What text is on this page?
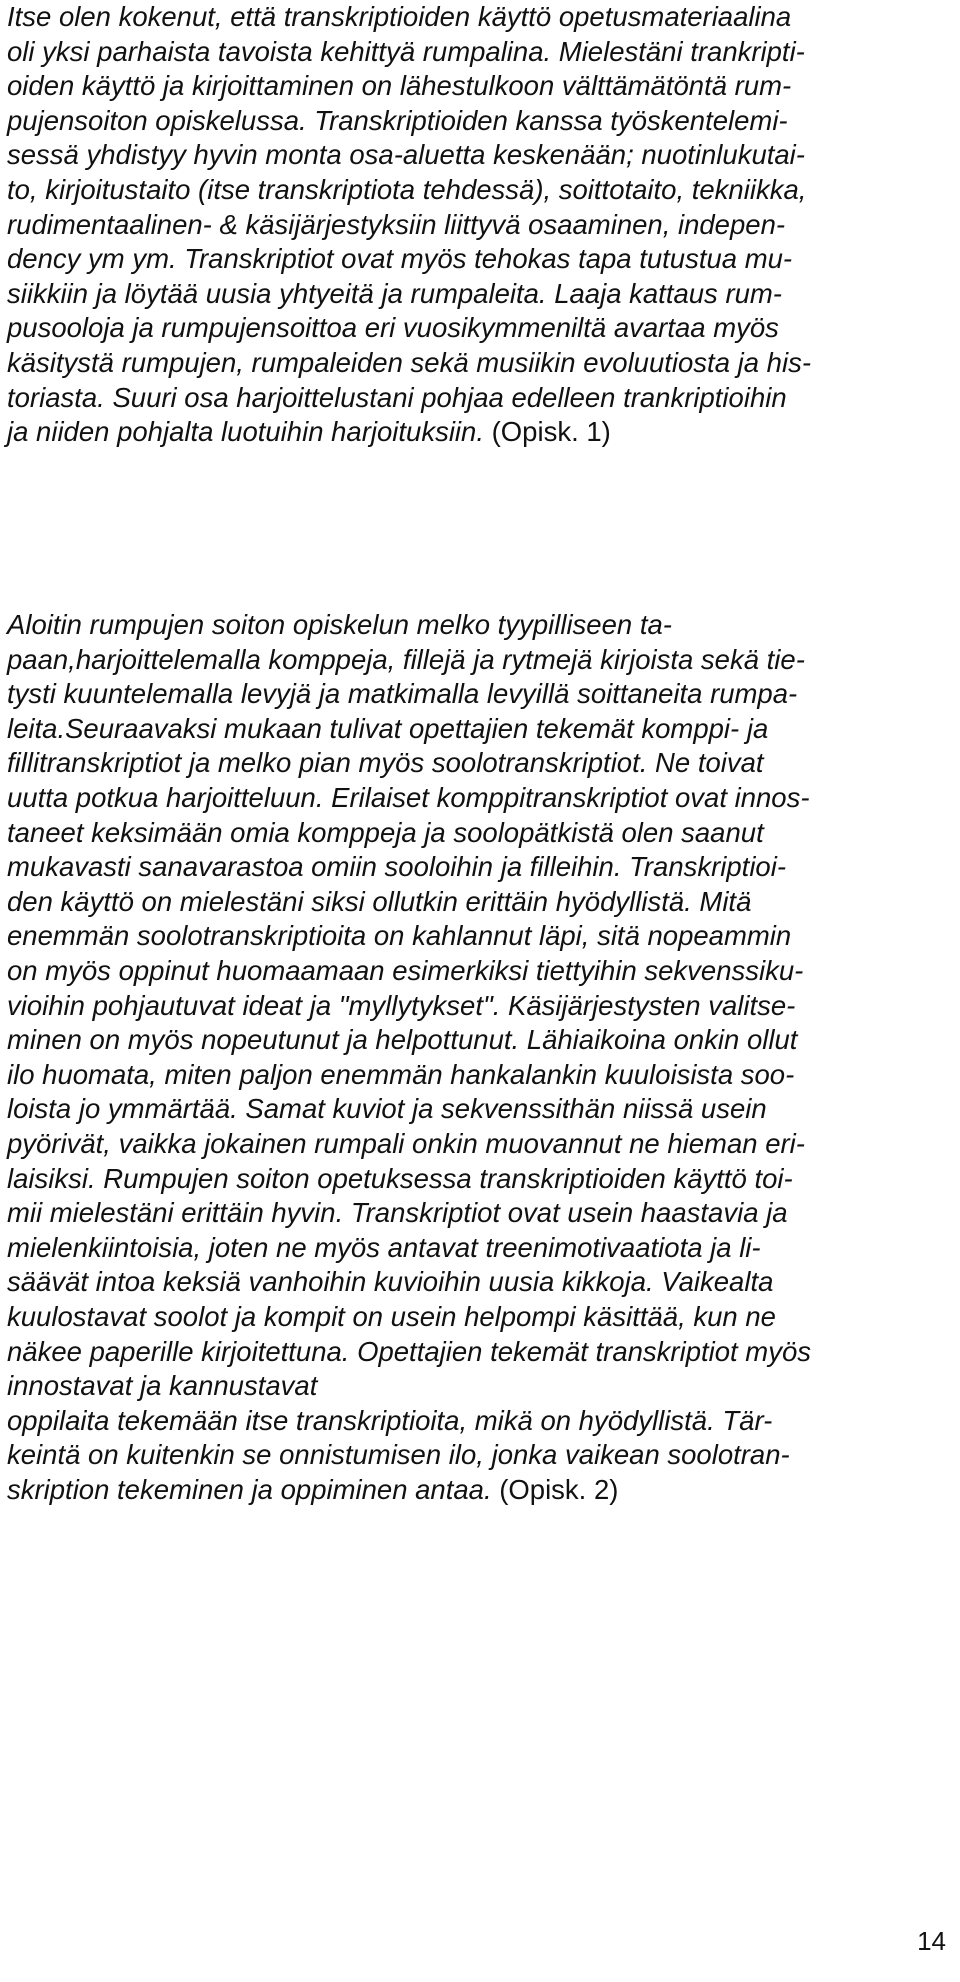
Itse olen kokenut, että transkriptioiden käyttö opetusmateriaalina
oli yksi parhaista tavoista kehittyä rumpalina. Mielestäni trankripti-
oiden käyttö ja kirjoittaminen on lähestulkoon välttämätöntä rum-
pujensoiton opiskelussa. Transkriptioiden kanssa työskentelemi-
sessä yhdistyy hyvin monta osa-aluetta keskenään; nuotinlukutai-
to, kirjoitustaito (itse transkriptiota tehdessä), soittotaito, tekniikka,
rudimentaalinen- & käsijärjestyksiin liittyvä osaaminen, indepen-
dency ym ym. Transkriptiot ovat myös tehokas tapa tutustua mu-
siikkiin ja löytää uusia yhtyeitä ja rumpaleita. Laaja kattaus rum-
pusooloja ja rumpujensoittoa eri vuosikymmeniltä avartaa myös
käsitystä rumpujen, rumpaleiden sekä musiikin evoluutiosta ja his-
toriasta. Suuri osa harjoittelustani pohjaa edelleen trankriptioihin
ja niiden pohjalta luotuihin harjoituksiin. (Opisk. 1)
Aloitin rumpujen soiton opiskelun melko tyypilliseen ta-
paan,harjoittelemalla komppeja, fillejä ja rytmejä kirjoista sekä tie-
tysti kuuntelemalla levyjä ja matkimalla levyillä soittaneita rumpa-
leita.Seuraavaksi mukaan tulivat opettajien tekemät komppi- ja
fillitranskriptiot ja melko pian myös soolotranskriptiot. Ne toivat
uutta potkua harjoitteluun. Erilaiset komppitranskriptiot ovat innos-
taneet keksimään omia komppeja ja soolopätkistä olen saanut
mukavasti sanavarastoa omiin sooloihin ja filleihin. Transkriptioi-
den käyttö on mielestäni siksi ollutkin erittäin hyödyllistä. Mitä
enemmän soolotranskriptioita on kahlannut läpi, sitä nopeammin
on myös oppinut huomaamaan esimerkiksi tiettyihin sekvenssiku-
vioihin pohjautuvat ideat ja "myllytykset". Käsijärjestysten valitse-
minen on myös nopeutunut ja helpottunut. Lähiaikoina onkin ollut
ilo huomata, miten paljon enemmän hankalankin kuuloisista soo-
loista jo ymmärtää. Samat kuviot ja sekvenssithän niissä usein
pyörivät, vaikka jokainen rumpali onkin muovannut ne hieman eri-
laisiksi. Rumpujen soiton opetuksessa transkriptioiden käyttö toi-
mii mielestäni erittäin hyvin. Transkriptiot ovat usein haastavia ja
mielenkiintoisia, joten ne myös antavat treenimotivaatiota ja li-
säävät intoa keksiä vanhoihin kuvioihin uusia kikkoja. Vaikealta
kuulostavat soolot ja kompit on usein helpompi käsittää, kun ne
näkee paperille kirjoitettuna. Opettajien tekemät transkriptiot myös
innostavat ja kannustavat
oppilaita tekemään itse transkriptioita, mikä on hyödyllistä. Tär-
keintä on kuitenkin se onnistumisen ilo, jonka vaikean soolotran-
skription tekeminen ja oppiminen antaa. (Opisk. 2)
14
